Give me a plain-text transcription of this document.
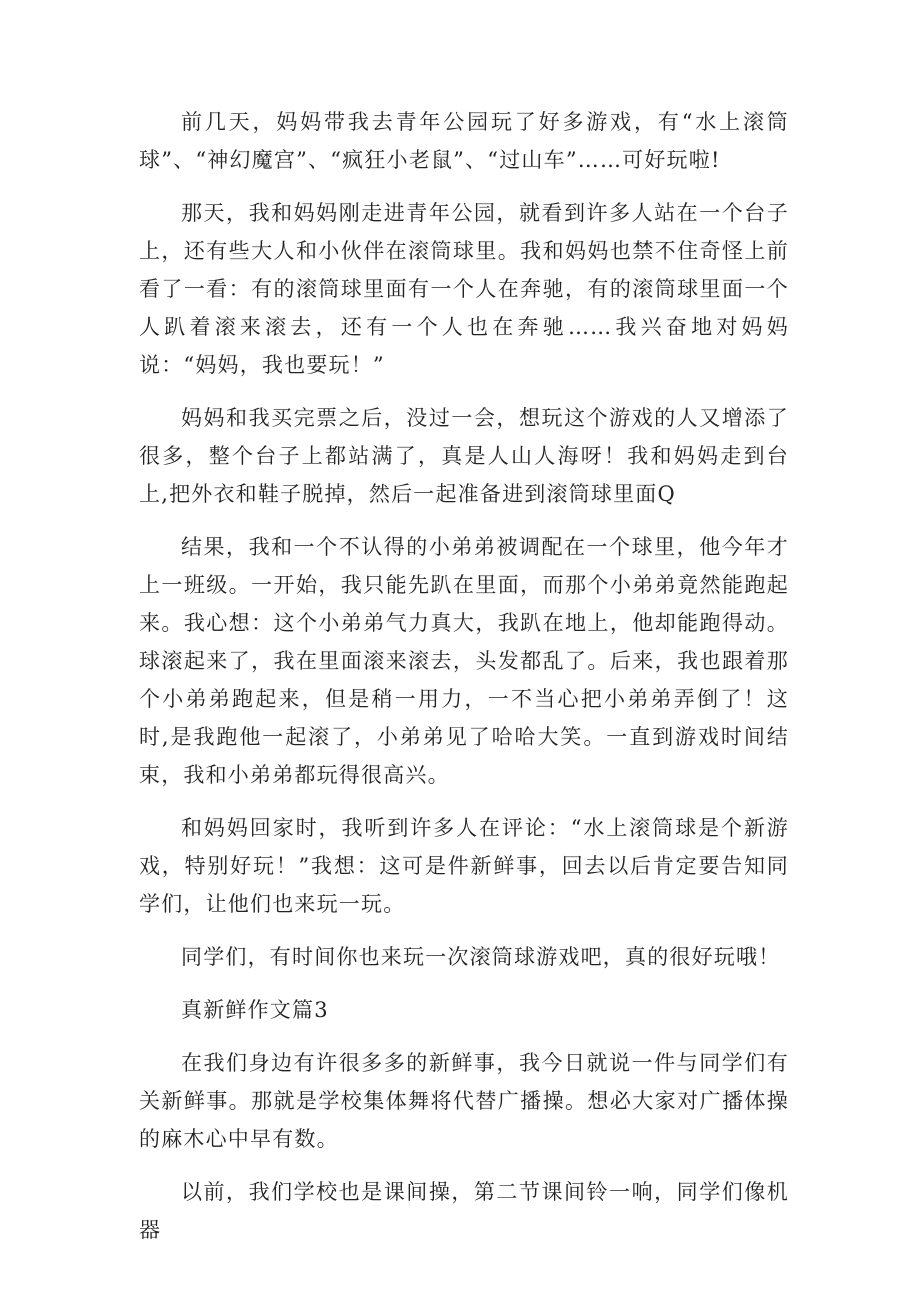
前几天，妈妈带我去青年公园玩了好多游戏，有“水上滚筒球”、“神幻魔宫”、“疯狂小老鼠”、“过山车”……可好玩啦!

那天，我和妈妈刚走进青年公园，就看到许多人站在一个台子上，还有些大人和小伙伴在滚筒球里。我和妈妈也禁不住奇怪上前看了一看：有的滚筒球里面有一个人在奔驰，有的滚筒球里面一个人趴着滚来滚去，还有一个人也在奔驰……我兴奋地对妈妈说：“妈妈，我也要玩！”

妈妈和我买完票之后，没过一会，想玩这个游戏的人又增添了很多，整个台子上都站满了，真是人山人海呀！我和妈妈走到台上,把外衣和鞋子脱掉，然后一起准备进到滚筒球里面Q

结果，我和一个不认得的小弟弟被调配在一个球里，他今年才上一班级。一开始，我只能先趴在里面，而那个小弟弟竟然能跑起来。我心想：这个小弟弟气力真大，我趴在地上，他却能跑得动。球滚起来了，我在里面滚来滚去，头发都乱了。后来，我也跟着那个小弟弟跑起来，但是稍一用力，一不当心把小弟弟弄倒了！这时,是我跑他一起滚了，小弟弟见了哈哈大笑。一直到游戏时间结束，我和小弟弟都玩得很高兴。

和妈妈回家时，我听到许多人在评论：“水上滚筒球是个新游戏，特别好玩！”我想：这可是件新鲜事，回去以后肯定要告知同学们，让他们也来玩一玩。

同学们，有时间你也来玩一次滚筒球游戏吧，真的很好玩哦！

真新鲜作文篇3

在我们身边有许很多多的新鲜事，我今日就说一件与同学们有关新鲜事。那就是学校集体舞将代替广播操。想必大家对广播体操的麻木心中早有数。

以前，我们学校也是课间操，第二节课间铃一响，同学们像机器
